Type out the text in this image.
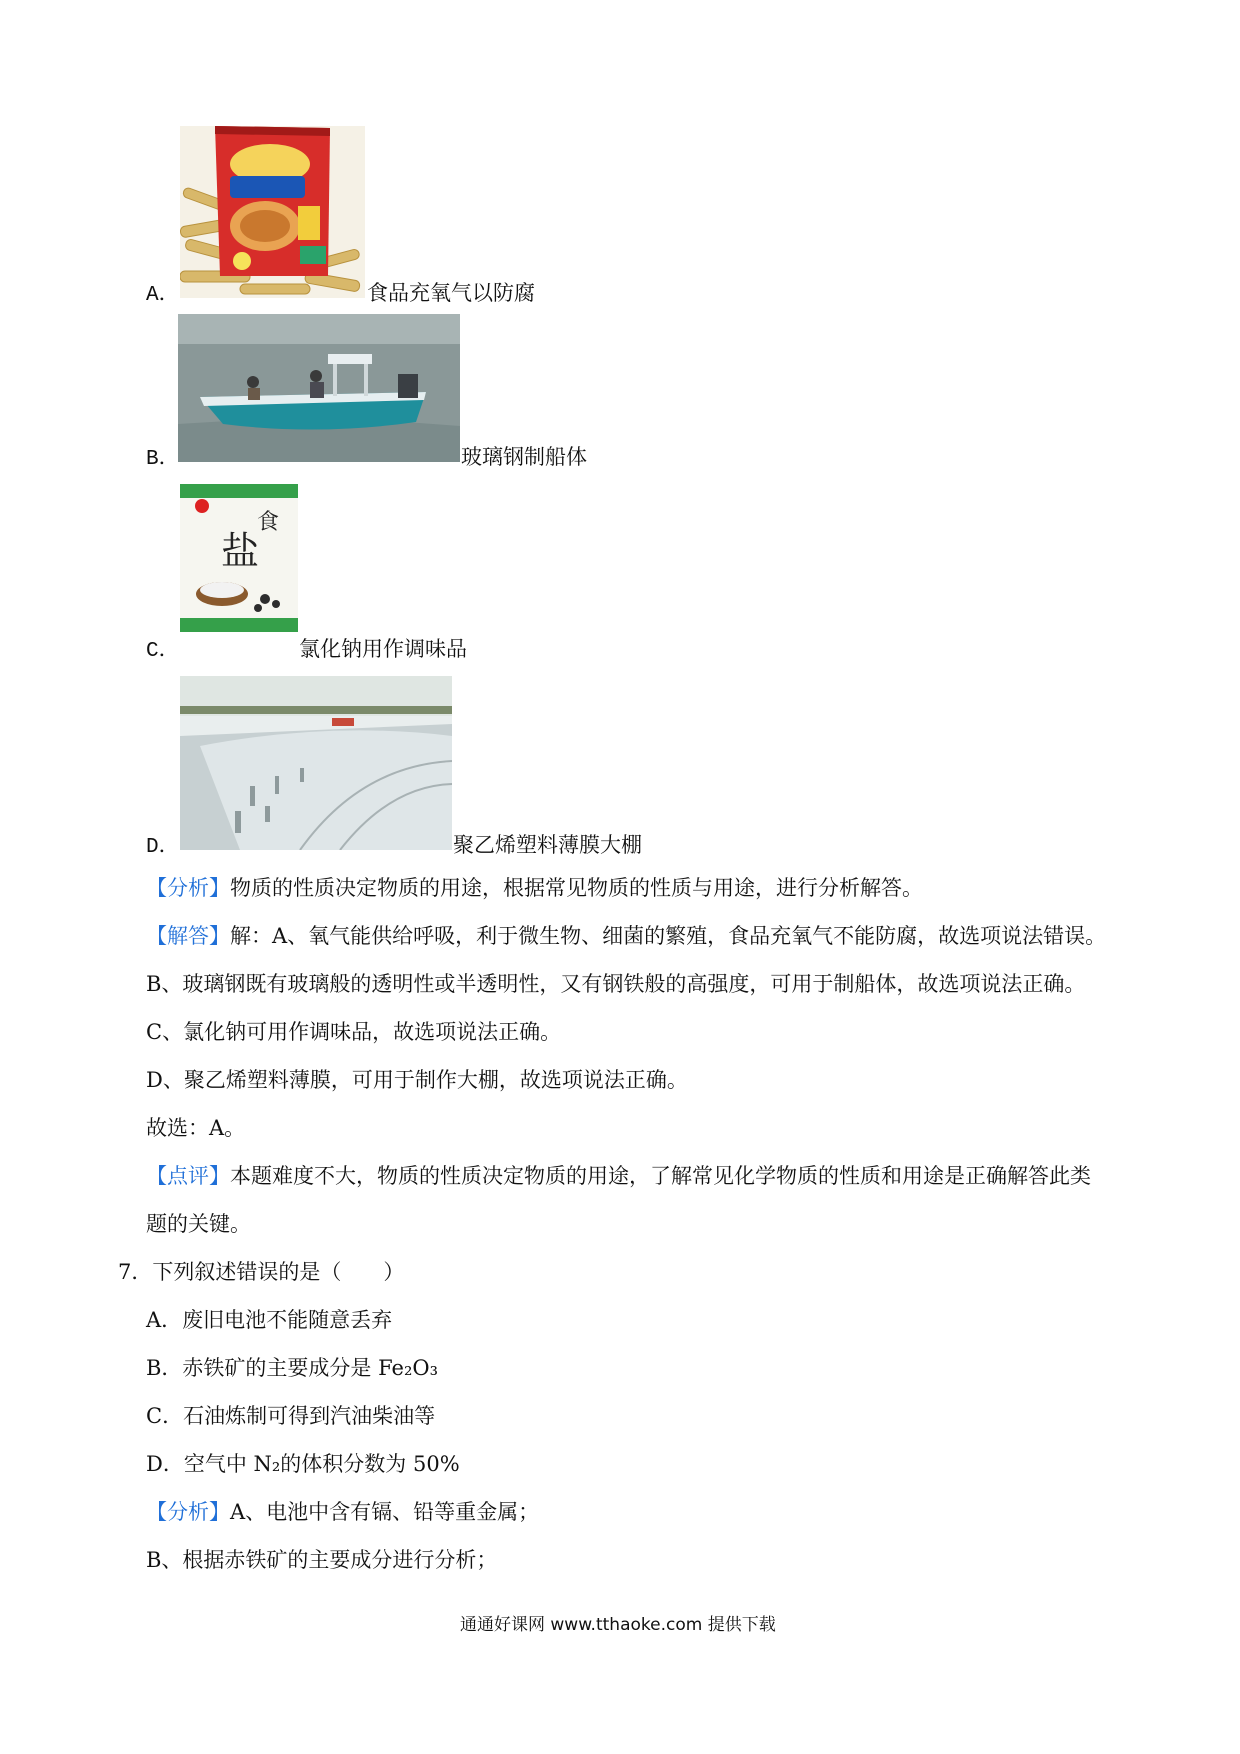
A．	食品充氧气以防腐
B．	玻璃钢制船体
盐
食
C．	氯化钠用作调味品
D．	聚乙烯塑料薄膜大棚
【分析】物质的性质决定物质的用途，根据常见物质的性质与用途，进行分析解答。
【解答】解：A、氧气能供给呼吸，利于微生物、细菌的繁殖，食品充氧气不能防腐，故选项说法错误。
B、玻璃钢既有玻璃般的透明性或半透明性，又有钢铁般的高强度，可用于制船体，故选项说法正确。
C、氯化钠可用作调味品，故选项说法正确。
D、聚乙烯塑料薄膜，可用于制作大棚，故选项说法正确。
故选：A。
【点评】本题难度不大，物质的性质决定物质的用途，了解常见化学物质的性质和用途是正确解答此类
题的关键。
7．下列叙述错误的是（　　）
A．废旧电池不能随意丢弃
B．赤铁矿的主要成分是 Fe₂O₃
C．石油炼制可得到汽油柴油等
D．空气中 N₂的体积分数为 50%
【分析】A、电池中含有镉、铅等重金属；
B、根据赤铁矿的主要成分进行分析；
通通好课网 www.tthaoke.com 提供下载
